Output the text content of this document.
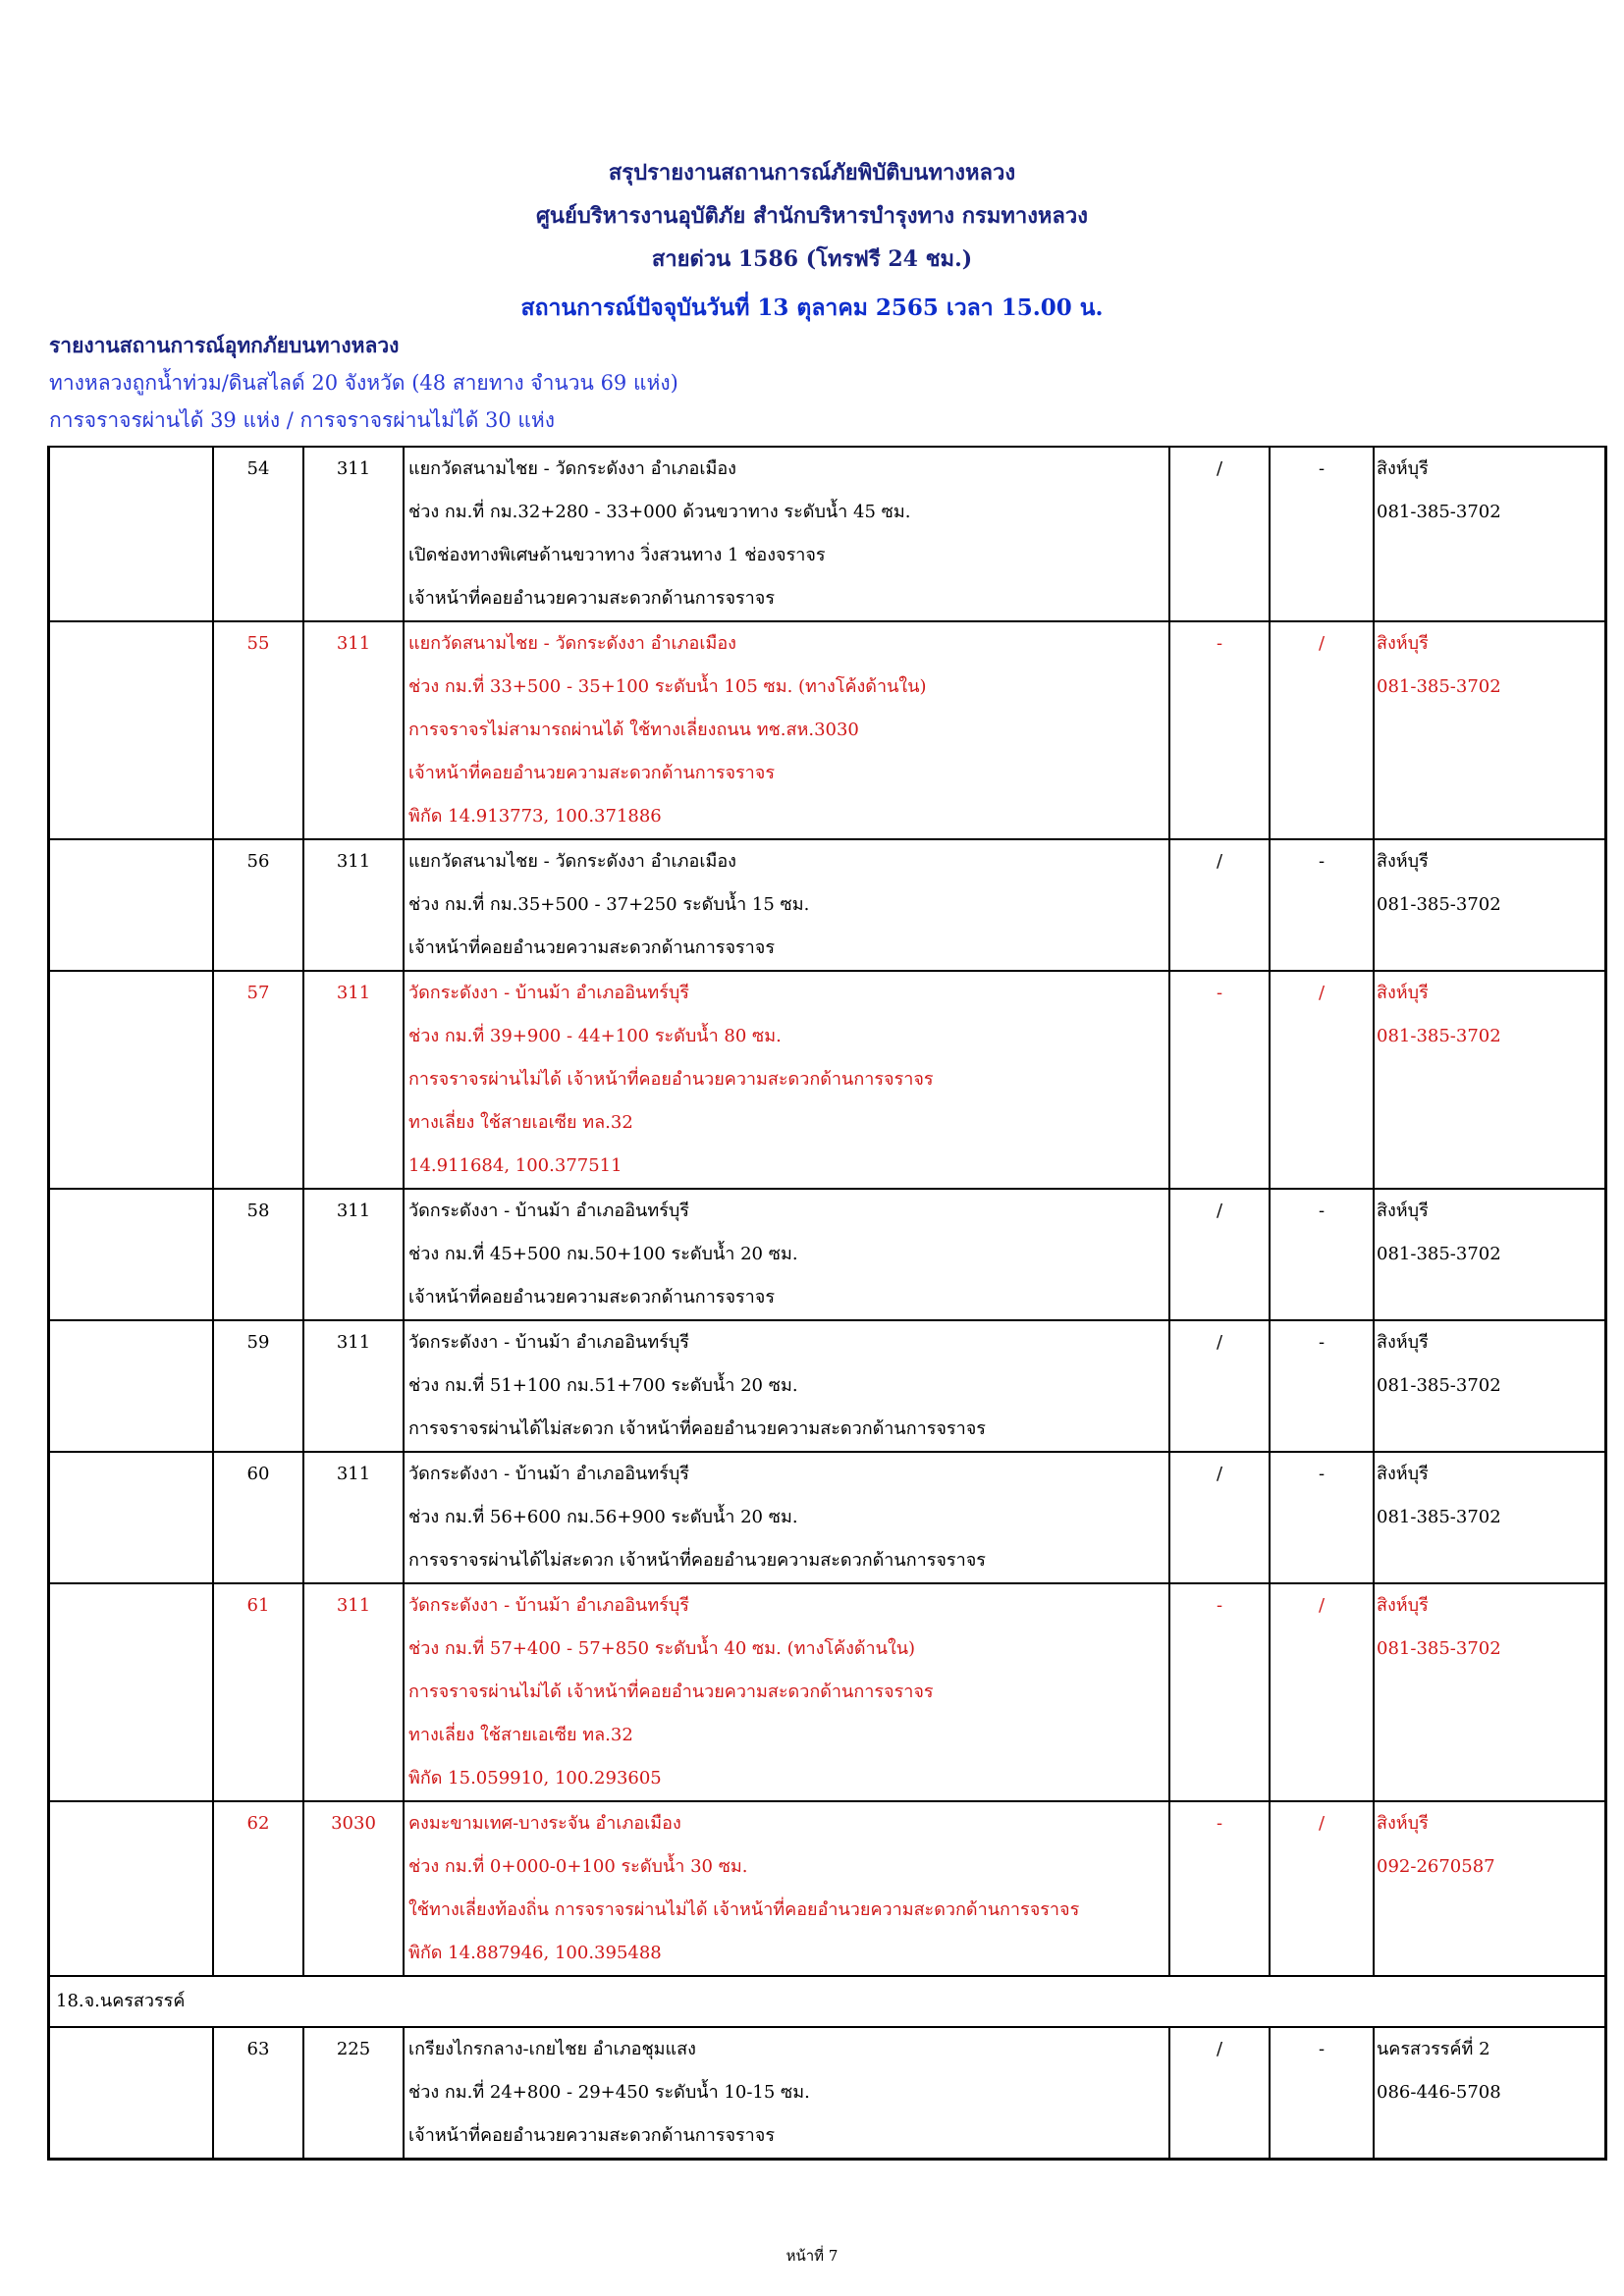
สรุปรายงานสถานการณ์ภัยพิบัติบนทางหลวง
ศูนย์บริหารงานอุบัติภัย สำนักบริหารบำรุงทาง กรมทางหลวง
สายด่วน 1586 (โทรฟรี 24 ชม.)
สถานการณ์ปัจจุบันวันที่ 13 ตุลาคม 2565 เวลา 15.00 น.
รายงานสถานการณ์อุทกภัยบนทางหลวง
ทางหลวงถูกน้ำท่วม/ดินสไลด์ 20 จังหวัด (48 สายทาง จำนวน 69 แห่ง)
การจราจรผ่านได้ 39 แห่ง / การจราจรผ่านไม่ได้ 30 แห่ง
	54	311	แยกวัดสนามไชย - วัดกระดังงา อำเภอเมือง
ช่วง กม.ที่ กม.32+280 - 33+000 ด้วนขวาทาง ระดับน้ำ 45 ซม.
เปิดช่องทางพิเศษด้านขวาทาง วิ่งสวนทาง 1 ช่องจราจร
เจ้าหน้าที่คอยอำนวยความสะดวกด้านการจราจร	/	-	สิงห์บุรี
081-385-3702

	55	311	แยกวัดสนามไชย - วัดกระดังงา อำเภอเมือง
ช่วง กม.ที่ 33+500 - 35+100 ระดับน้ำ 105 ซม. (ทางโค้งด้านใน)
การจราจรไม่สามารถผ่านได้ ใช้ทางเลี่ยงถนน ทช.สห.3030
เจ้าหน้าที่คอยอำนวยความสะดวกด้านการจราจร
พิกัด 14.913773, 100.371886	-	/	สิงห์บุรี
081-385-3702

	56	311	แยกวัดสนามไชย - วัดกระดังงา อำเภอเมือง
ช่วง กม.ที่ กม.35+500 - 37+250 ระดับน้ำ 15 ซม.
เจ้าหน้าที่คอยอำนวยความสะดวกด้านการจราจร	/	-	สิงห์บุรี
081-385-3702

	57	311	วัดกระดังงา - บ้านม้า อำเภออินทร์บุรี
ช่วง กม.ที่ 39+900 - 44+100 ระดับน้ำ 80 ซม.
การจราจรผ่านไม่ได้ เจ้าหน้าที่คอยอำนวยความสะดวกด้านการจราจร
ทางเลี่ยง ใช้สายเอเซีย ทล.32
14.911684, 100.377511	-	/	สิงห์บุรี
081-385-3702

	58	311	วัดกระดังงา - บ้านม้า อำเภออินทร์บุรี
ช่วง กม.ที่ 45+500 กม.50+100 ระดับน้ำ 20 ซม.
เจ้าหน้าที่คอยอำนวยความสะดวกด้านการจราจร	/	-	สิงห์บุรี
081-385-3702

	59	311	วัดกระดังงา - บ้านม้า อำเภออินทร์บุรี
ช่วง กม.ที่ 51+100 กม.51+700 ระดับน้ำ 20 ซม.
การจราจรผ่านได้ไม่สะดวก เจ้าหน้าที่คอยอำนวยความสะดวกด้านการจราจร	/	-	สิงห์บุรี
081-385-3702

	60	311	วัดกระดังงา - บ้านม้า อำเภออินทร์บุรี
ช่วง กม.ที่ 56+600 กม.56+900 ระดับน้ำ 20 ซม.
การจราจรผ่านได้ไม่สะดวก เจ้าหน้าที่คอยอำนวยความสะดวกด้านการจราจร	/	-	สิงห์บุรี
081-385-3702

	61	311	วัดกระดังงา - บ้านม้า อำเภออินทร์บุรี
ช่วง กม.ที่ 57+400 - 57+850 ระดับน้ำ 40 ซม. (ทางโค้งด้านใน)
การจราจรผ่านไม่ได้ เจ้าหน้าที่คอยอำนวยความสะดวกด้านการจราจร
ทางเลี่ยง ใช้สายเอเซีย ทล.32
พิกัด 15.059910, 100.293605	-	/	สิงห์บุรี
081-385-3702

	62	3030	คงมะขามเทศ-บางระจัน อำเภอเมือง
ช่วง กม.ที่ 0+000-0+100 ระดับน้ำ 30 ซม.
ใช้ทางเลี่ยงท้องถิ่น การจราจรผ่านไม่ได้ เจ้าหน้าที่คอยอำนวยความสะดวกด้านการจราจร
พิกัด 14.887946, 100.395488	-	/	สิงห์บุรี
092-2670587

18.จ.นครสวรรค์						
	63	225	เกรียงไกรกลาง-เกยไชย อำเภอชุมแสง
ช่วง กม.ที่ 24+800 - 29+450 ระดับน้ำ 10-15 ซม.
เจ้าหน้าที่คอยอำนวยความสะดวกด้านการจราจร	/	-	นครสวรรค์ที่ 2
086-446-5708
หน้าที่ 7
